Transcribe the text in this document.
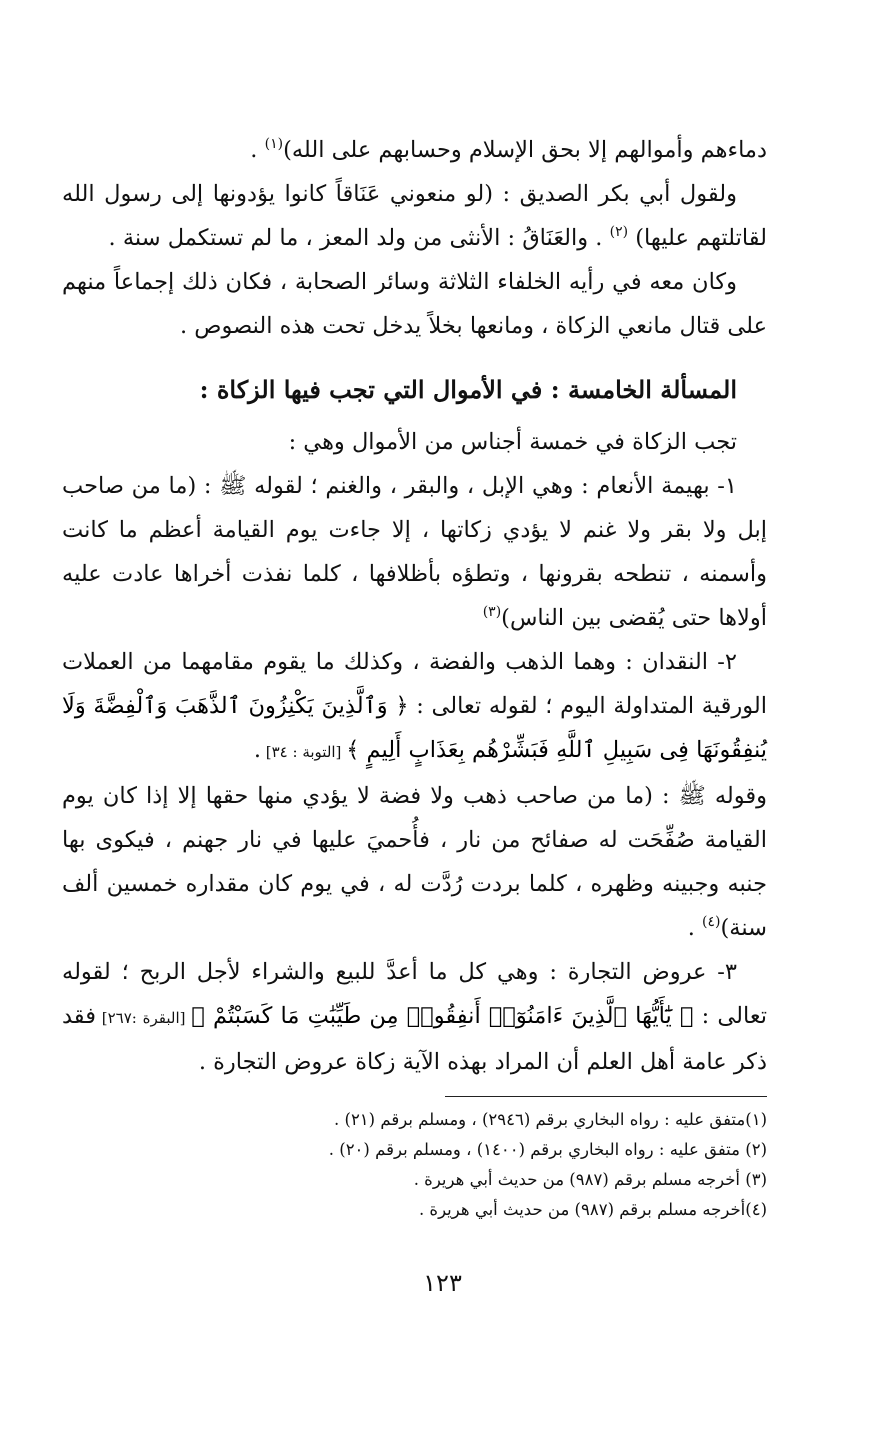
دماءهم وأموالهم إلا بحق الإسلام وحسابهم على الله)$^{(١)}$ .

ولقول أبي بكر الصديق : (لو منعوني عَنَاقاً كانوا يؤدونها إلى رسول الله لقاتلتهم عليها) $^{(٢)}$ . والعَنَاقُ : الأنثى من ولد المعز ، ما لم تستكمل سنة .

وكان معه في رأيه الخلفاء الثلاثة وسائر الصحابة ، فكان ذلك إجماعاً منهم على قتال مانعي الزكاة ، ومانعها بخلاً يدخل تحت هذه النصوص .

المسألة الخامسة : في الأموال التي تجب فيها الزكاة :

تجب الزكاة في خمسة أجناس من الأموال وهي :

١- بهيمة الأنعام : وهي الإبل ، والبقر ، والغنم ؛ لقوله ﷺ : (ما من صاحب إبل ولا بقر ولا غنم لا يؤدي زكاتها ، إلا جاءت يوم القيامة أعظم ما كانت وأسمنه ، تنطحه بقرونها ، وتطؤه بأظلافها ، كلما نفذت أخراها عادت عليه أولاها حتى يُقضى بين الناس)$^{(٣)}$

٢- النقدان : وهما الذهب والفضة ، وكذلك ما يقوم مقامهما من العملات الورقية المتداولة اليوم ؛ لقوله تعالى : ﴿ وَٱلَّذِينَ يَكْنِزُونَ ٱلذَّهَبَ وَٱلْفِضَّةَ وَلَا يُنفِقُونَهَا فِى سَبِيلِ ٱللَّهِ فَبَشِّرْهُم بِعَذَابٍ أَلِيمٍ ﴾ [التوبة : ٣٤] .

وقوله ﷺ : (ما من صاحب ذهب ولا فضة لا يؤدي منها حقها إلا إذا كان يوم القيامة صُفِّحَت له صفائح من نار ، فأُحميَ عليها في نار جهنم ، فيكوى بها جنبه وجبينه وظهره ، كلما بردت رُدَّت له ، في يوم كان مقداره خمسين ألف سنة)$^{(٤)}$ .

٣- عروض التجارة : وهي كل ما أعدَّ للبيع والشراء لأجل الربح ؛ لقوله تعالى : ﴿ يَٰٓأَيُّهَا ٱلَّذِينَ ءَامَنُوٓا۟ أَنفِقُوا۟ مِن طَيِّبَٰتِ مَا كَسَبْتُمْ ﴾ [البقرة :٢٦٧] فقد ذكر عامة أهل العلم أن المراد بهذه الآية زكاة عروض التجارة .

(١)متفق عليه : رواه البخاري برقم (٢٩٤٦) ، ومسلم برقم (٢١) .
(٢) متفق عليه : رواه البخاري برقم (١٤٠٠) ، ومسلم برقم (٢٠) .
(٣) أخرجه مسلم برقم (٩٨٧) من حديث أبي هريرة .
(٤)أخرجه مسلم برقم (٩٨٧) من حديث أبي هريرة .
١٢٣
